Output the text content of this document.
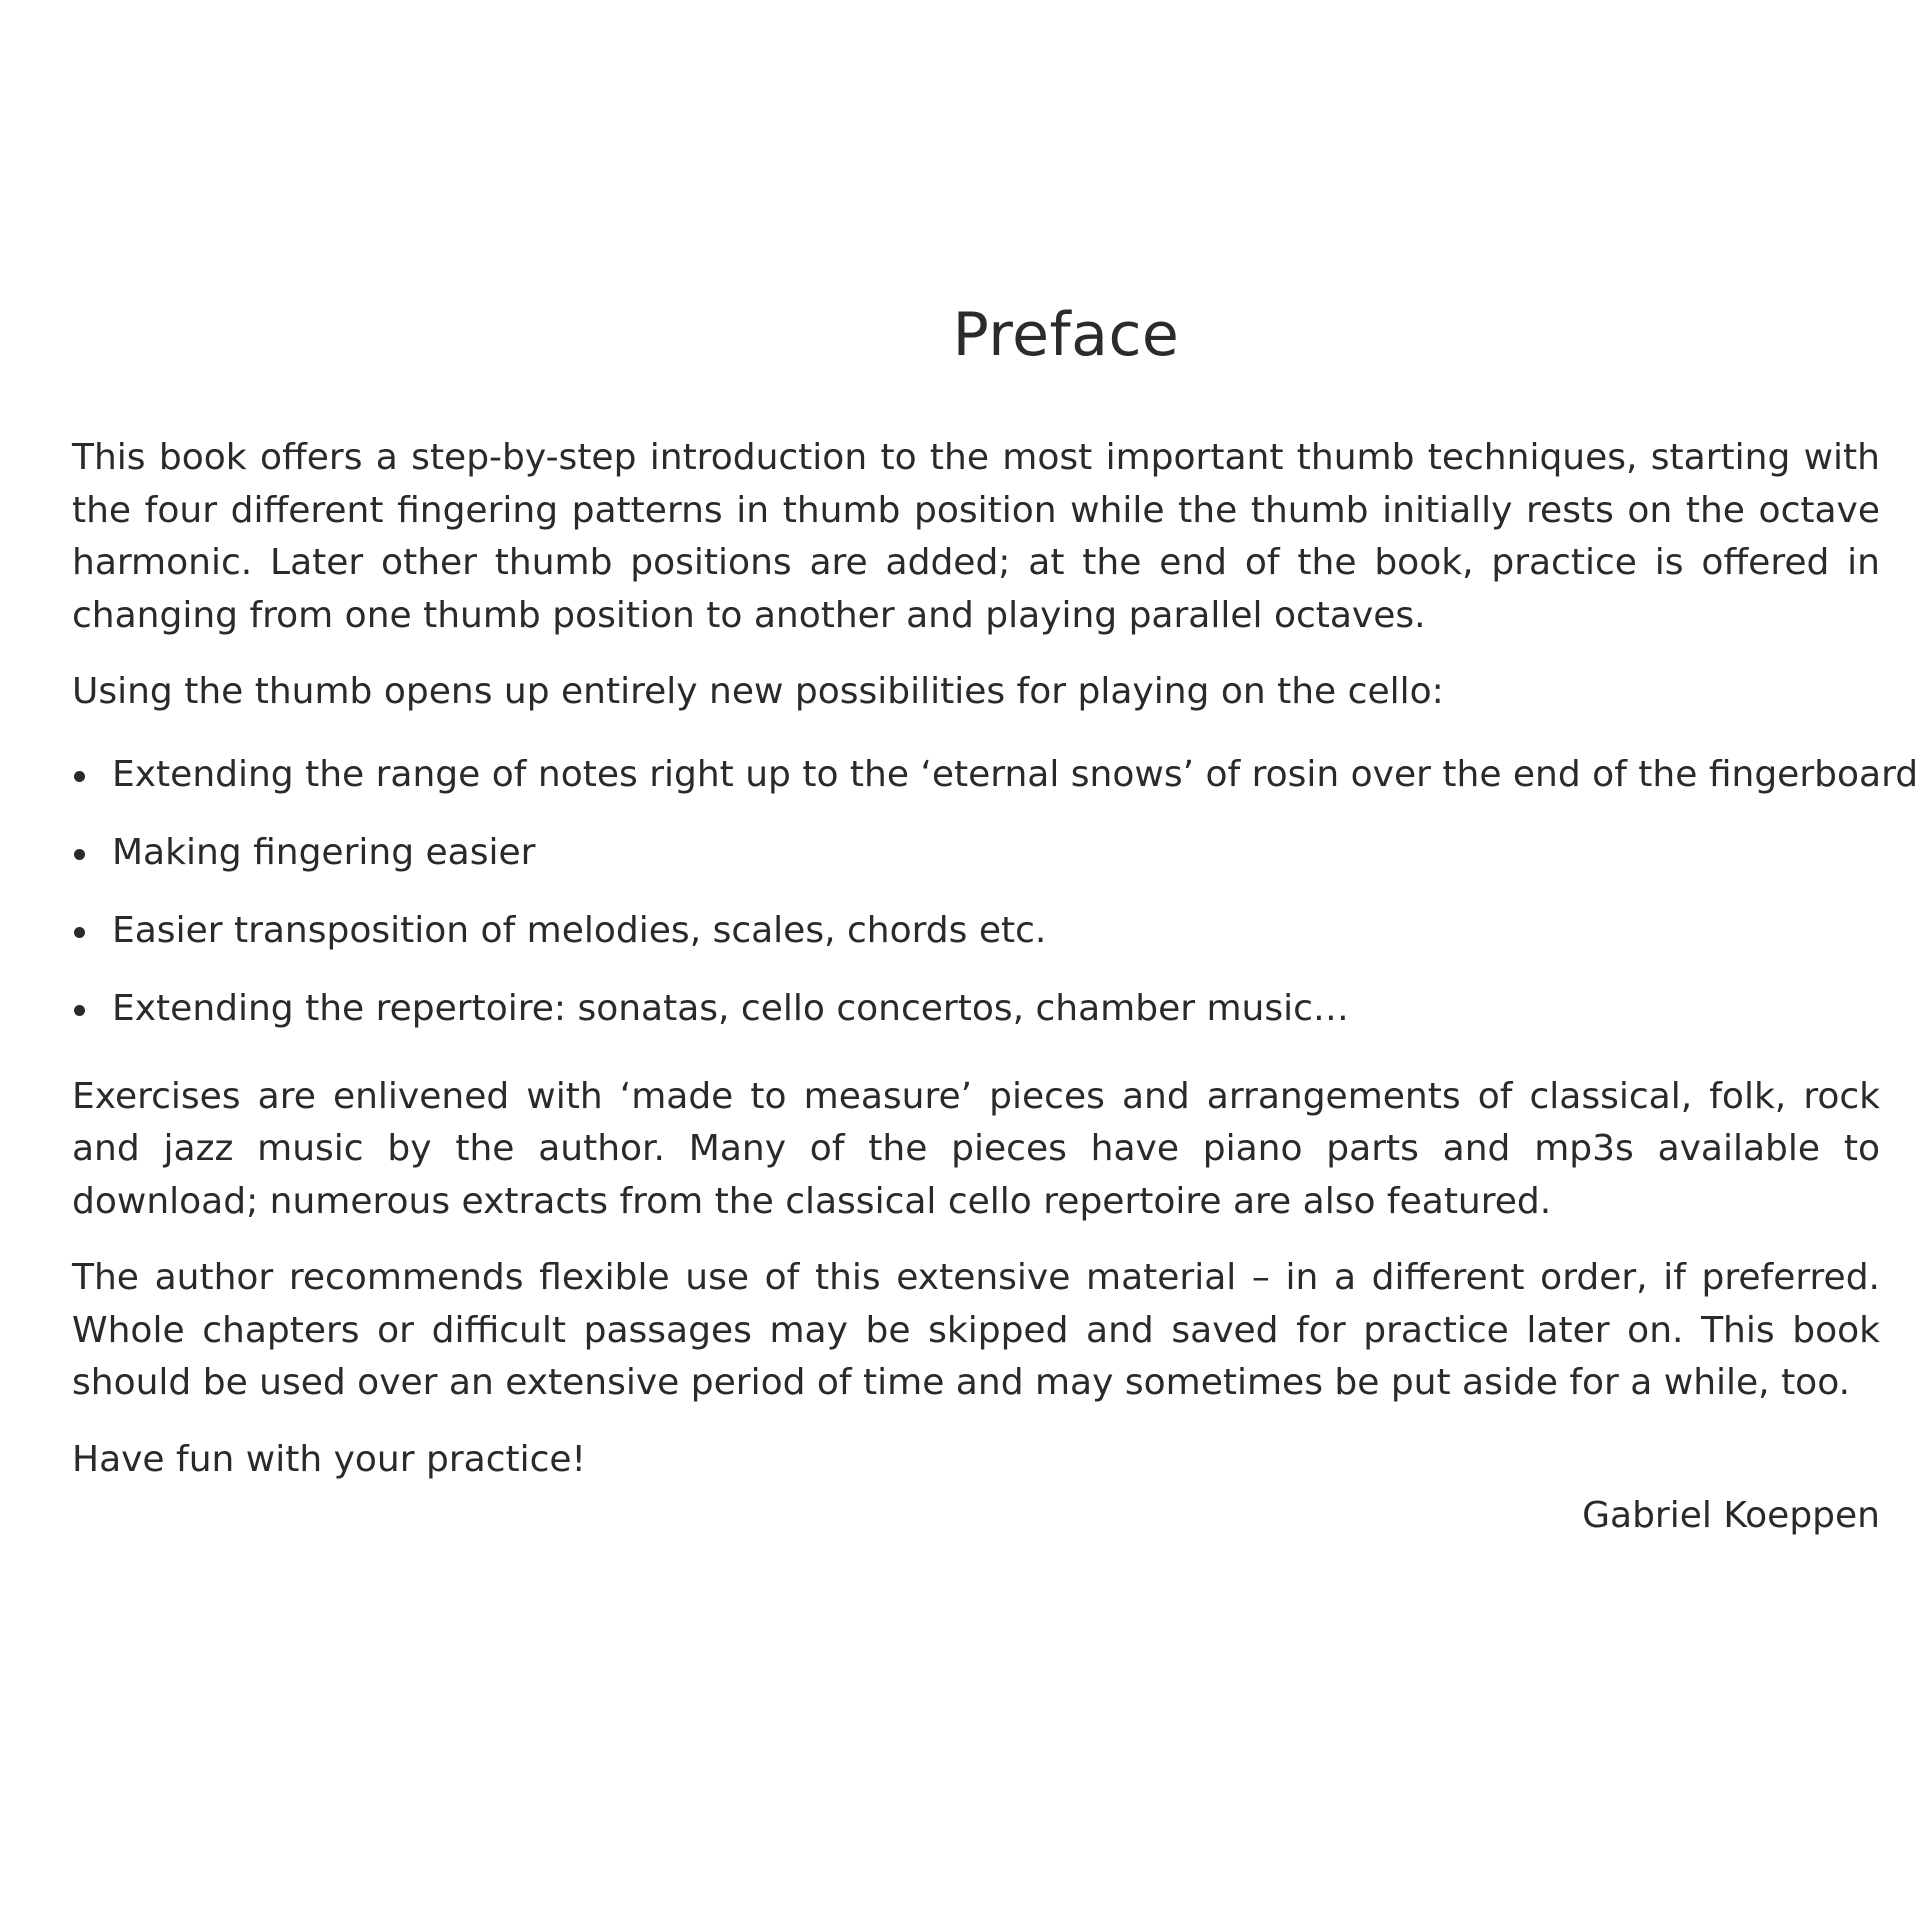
Preface

This book offers a step-by-step introduction to the most important thumb techniques, starting with the four different fingering patterns in thumb position while the thumb initially rests on the octave harmonic. Later other thumb positions are added; at the end of the book, practice is offered in changing from one thumb position to another and playing parallel octaves.

Using the thumb opens up entirely new possibilities for playing on the cello:

Extending the range of notes right up to the ‘eternal snows’ of rosin over the end of the fingerboard
Making fingering easier
Easier transposition of melodies, scales, chords etc.
Extending the repertoire: sonatas, cello concertos, chamber music…

Exercises are enlivened with ‘made to measure’ pieces and arrangements of classical, folk, rock and jazz music by the author. Many of the pieces have piano parts and mp3s available to download; numerous extracts from the classical cello repertoire are also featured.

The author recommends flexible use of this extensive material – in a different order, if preferred. Whole chapters or difficult passages may be skipped and saved for practice later on. This book should be used over an extensive period of time and may sometimes be put aside for a while, too.

Have fun with your practice!

Gabriel Koeppen
